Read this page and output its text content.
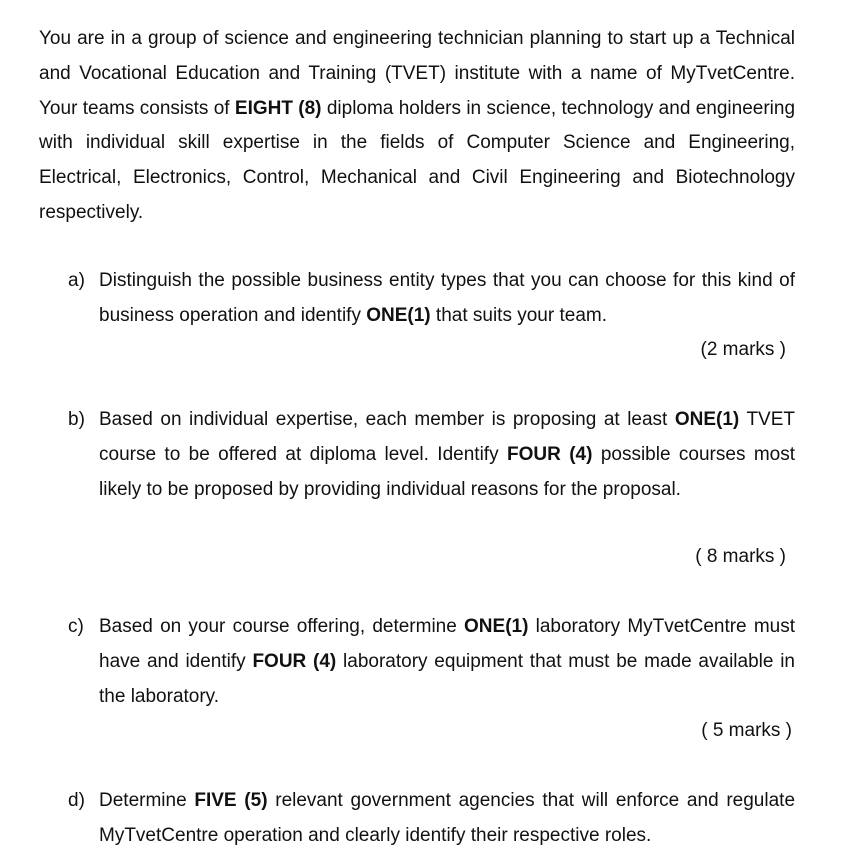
You are in a group of science and engineering technician planning to start up a Technical and Vocational Education and Training (TVET) institute with a name of MyTvetCentre. Your teams consists of EIGHT (8) diploma holders in science, technology and engineering with individual skill expertise in the fields of Computer Science and Engineering, Electrical, Electronics, Control, Mechanical and Civil Engineering and Biotechnology respectively.

a) Distinguish the possible business entity types that you can choose for this kind of business operation and identify ONE(1) that suits your team.

(2 marks )

b) Based on individual expertise, each member is proposing at least ONE(1) TVET course to be offered at diploma level. Identify FOUR (4) possible courses most likely to be proposed by providing individual reasons for the proposal.

( 8 marks )

c) Based on your course offering, determine ONE(1) laboratory MyTvetCentre must have and identify FOUR (4) laboratory equipment that must be made available in the laboratory.

( 5 marks )

d) Determine FIVE (5) relevant government agencies that will enforce and regulate MyTvetCentre operation and clearly identify their respective roles.
